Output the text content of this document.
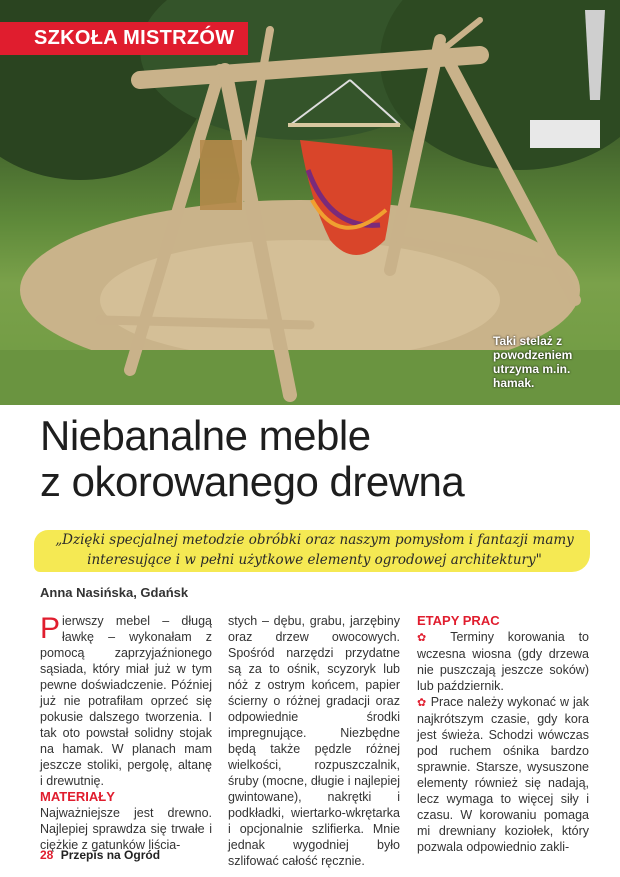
SZKOŁA MISTRZÓW
Taki stelaż z powodzeniem utrzyma m.in. hamak.
Niebanalne meble
z okorowanego drewna
„Dzięki specjalnej metodzie obróbki oraz naszym pomysłom i fantazji mamy interesujące i w pełni użytkowe elementy ogrodowej architektury"
Anna Nasińska, Gdańsk

Pierwszy mebel – długą ławkę – wykonałam z pomocą zaprzyjaźnionego sąsiada, który miał już w tym pewne doświadczenie. Później już nie potrafiłam oprzeć się pokusie dalszego tworzenia. I tak oto powstał solidny stojak na hamak. W planach mam jeszcze stoliki, pergolę, altanę i drewutnię.

MATERIAŁY

Najważniejsze jest drewno. Najlepiej sprawdza się trwałe i ciężkie z gatunków liścia-

stych – dębu, grabu, jarzębiny oraz drzew owocowych. Spośród narzędzi przydatne są za to ośnik, scyzoryk lub nóż z ostrym końcem, papier ścierny o różnej gradacji oraz odpowiednie środki impregnujące. Niezbędne będą także pędzle różnej wielkości, rozpuszczalnik, śruby (mocne, długie i najlepiej gwintowane), nakrętki i podkładki, wiertarko-wkrętarka i opcjonalnie szlifierka. Mnie jednak wygodniej było szlifować całość ręcznie.

ETAPY PRAC

✿ Terminy korowania to wczesna wiosna (gdy drzewa nie puszczają jeszcze soków) lub październik.

✿ Prace należy wykonać w jak najkrótszym czasie, gdy kora jest świeża. Schodzi wówczas pod ruchem ośnika bardzo sprawnie. Starsze, wysuszone elementy również się nadają, lecz wymaga to więcej siły i czasu. W korowaniu pomaga mi drewniany koziołek, który pozwala odpowiednio zakli-

28 Przepis na Ogród
